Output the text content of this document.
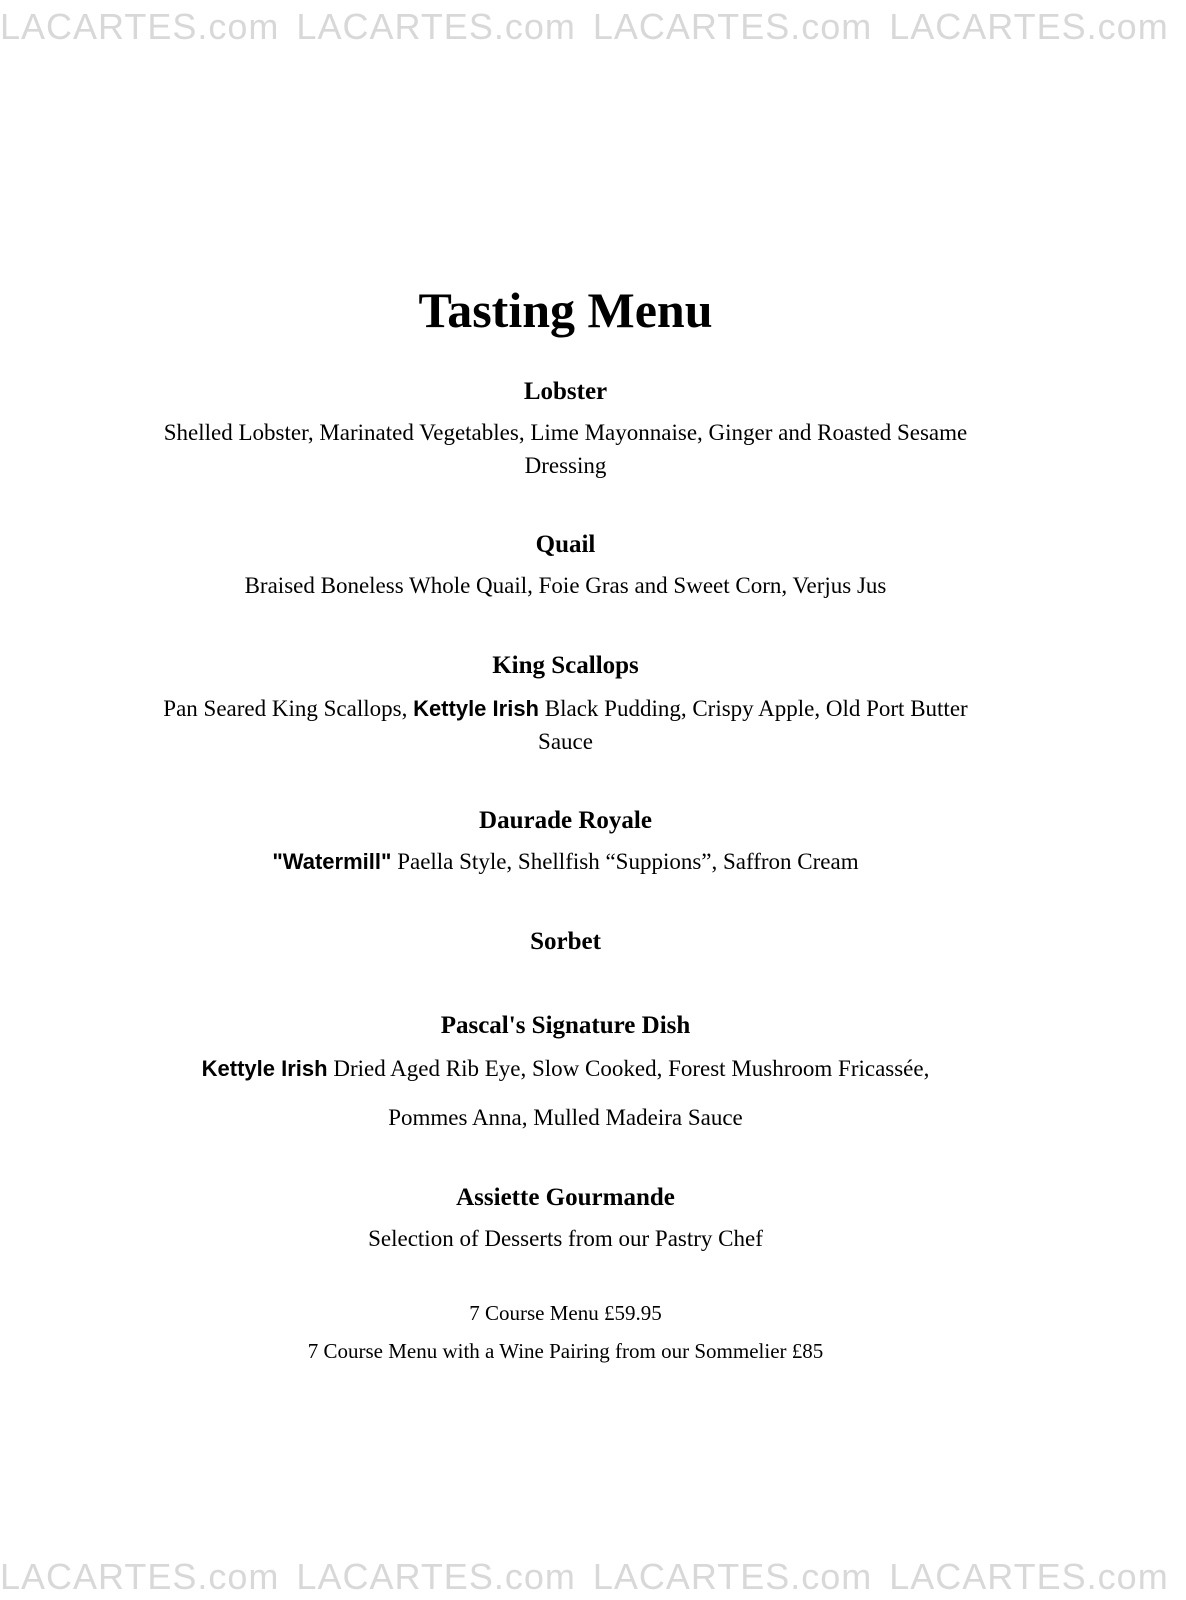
LACARTES.com LACARTES.com LACARTES.com LACARTES.com
Tasting Menu

Lobster

Shelled Lobster, Marinated Vegetables, Lime Mayonnaise, Ginger and Roasted Sesame Dressing

Quail

Braised Boneless Whole Quail, Foie Gras and Sweet Corn, Verjus Jus

King Scallops

Pan Seared King Scallops, Kettyle Irish Black Pudding, Crispy Apple, Old Port Butter Sauce

Daurade Royale

"Watermill" Paella Style, Shellfish “Suppions”, Saffron Cream

Sorbet

Pascal's Signature Dish

Kettyle Irish Dried Aged Rib Eye, Slow Cooked, Forest Mushroom Fricassée,

Pommes Anna, Mulled Madeira Sauce

Assiette Gourmande

Selection of Desserts from our Pastry Chef

7 Course Menu £59.95

7 Course Menu with a Wine Pairing from our Sommelier £85

LACARTES.com LACARTES.com LACARTES.com LACARTES.com
